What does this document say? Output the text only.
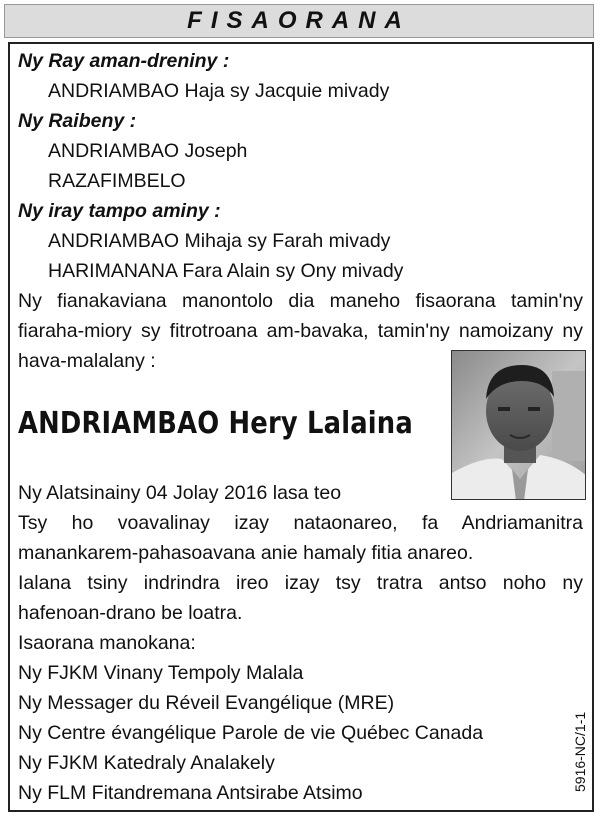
FISAORANA
Ny Ray aman-dreniny :
ANDRIAMBAO Haja sy Jacquie mivady
Ny Raibeny :
ANDRIAMBAO Joseph
RAZAFIMBELO
Ny iray tampo aminy :
ANDRIAMBAO Mihaja sy Farah mivady
HARIMANANA Fara Alain sy Ony mivady
Ny fianakaviana manontolo dia maneho fisaorana tamin'ny
fiaraha-miory sy fitrotroana am-bavaka, tamin'ny namoizany ny
hava-malalany :
ANDRIAMBAO Hery Lalaina
Ny Alatsinainy 04 Jolay 2016 lasa teo
Tsy ho voavalinay izay nataonareo, fa Andriamanitra
manankarem-pahasoavana anie hamaly fitia anareo.
Ialana tsiny indrindra ireo izay tsy tratra antso noho ny
hafenoan-drano be loatra.
Isaorana manokana:
Ny FJKM Vinany Tempoly Malala
Ny Messager du Réveil Evangélique (MRE)
Ny Centre évangélique Parole de vie Québec Canada
Ny FJKM Katedraly Analakely
Ny FLM Fitandremana Antsirabe Atsimo
5916-NC/1-1
